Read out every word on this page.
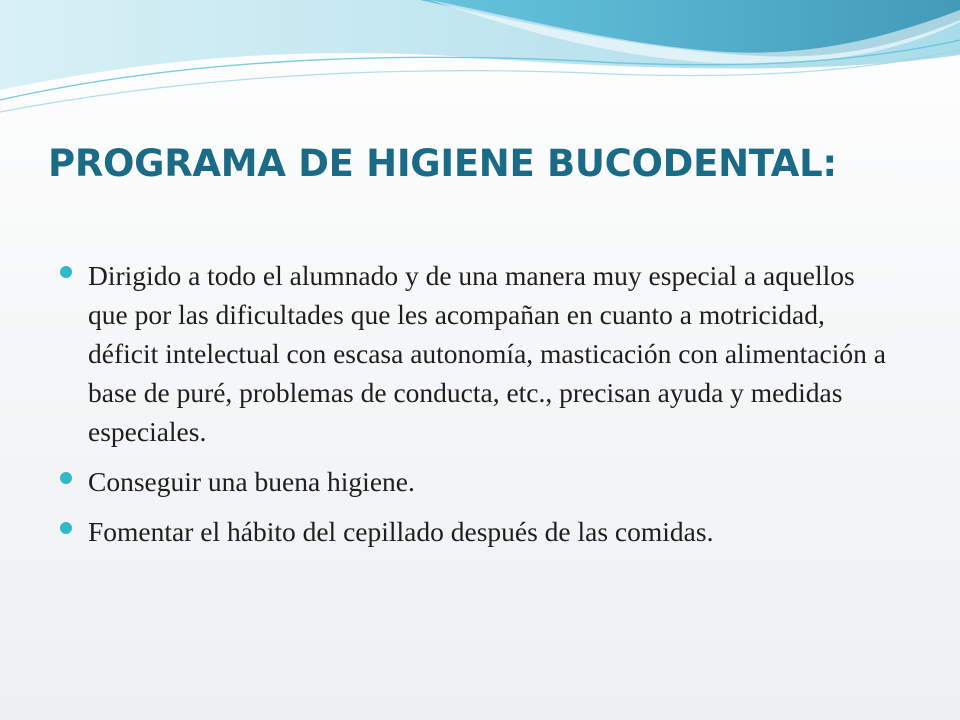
PROGRAMA DE HIGIENE BUCODENTAL:
Dirigido a todo el alumnado y de una manera muy especial a aquellos que por las dificultades que les acompañan en cuanto a motricidad, déficit intelectual con escasa autonomía, masticación con alimentación a base de puré, problemas de conducta, etc., precisan ayuda y medidas especiales.
Conseguir una buena higiene.
Fomentar el hábito del cepillado después de las comidas.
